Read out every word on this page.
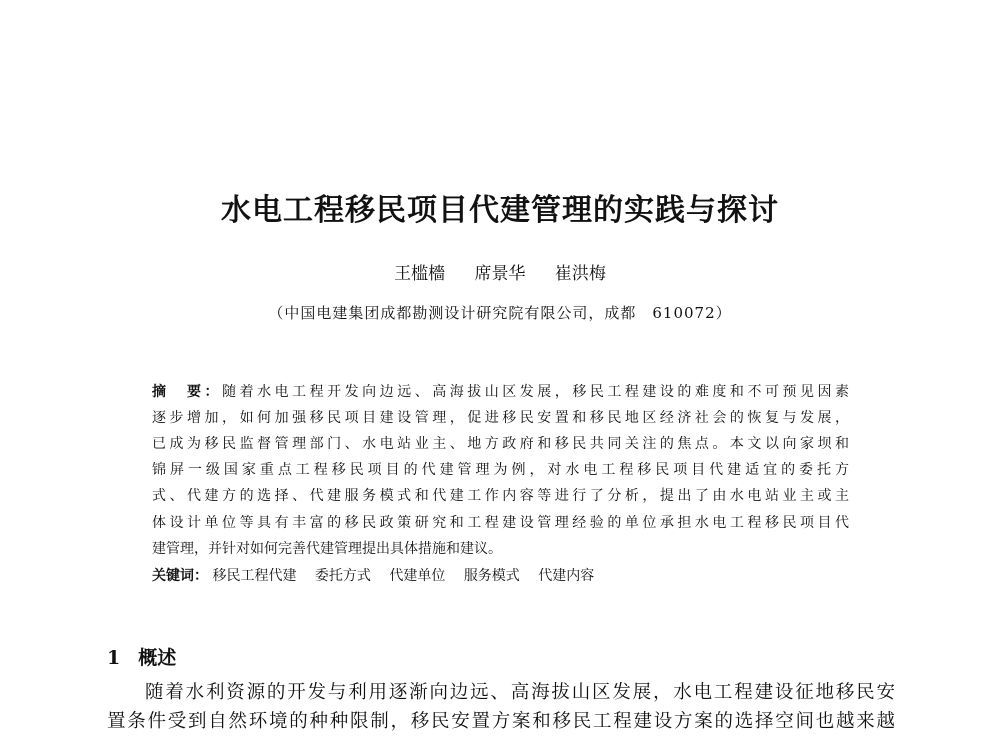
水电工程移民项目代建管理的实践与探讨
王槛檣 席景华 崔洪梅
（中国电建集团成都勘测设计研究院有限公司，成都　610072）
摘　要：随着水电工程开发向边远、高海拔山区发展，移民工程建设的难度和不可预见因素
逐步增加，如何加强移民项目建设管理，促进移民安置和移民地区经济社会的恢复与发展，
已成为移民监督管理部门、水电站业主、地方政府和移民共同关注的焦点。本文以向家坝和
锦屏一级国家重点工程移民项目的代建管理为例，对水电工程移民项目代建适宜的委托方
式、代建方的选择、代建服务模式和代建工作内容等进行了分析，提出了由水电站业主或主
体设计单位等具有丰富的移民政策研究和工程建设管理经验的单位承担水电工程移民项目代
建管理，并针对如何完善代建管理提出具体措施和建议。
关键词： 移民工程代建  委托方式  代建单位  服务模式  代建内容
1 概述
随着水利资源的开发与利用逐渐向边远、高海拔山区发展，水电工程建设征地移民安
置条件受到自然环境的种种限制，移民安置方案和移民工程建设方案的选择空间也越来越
